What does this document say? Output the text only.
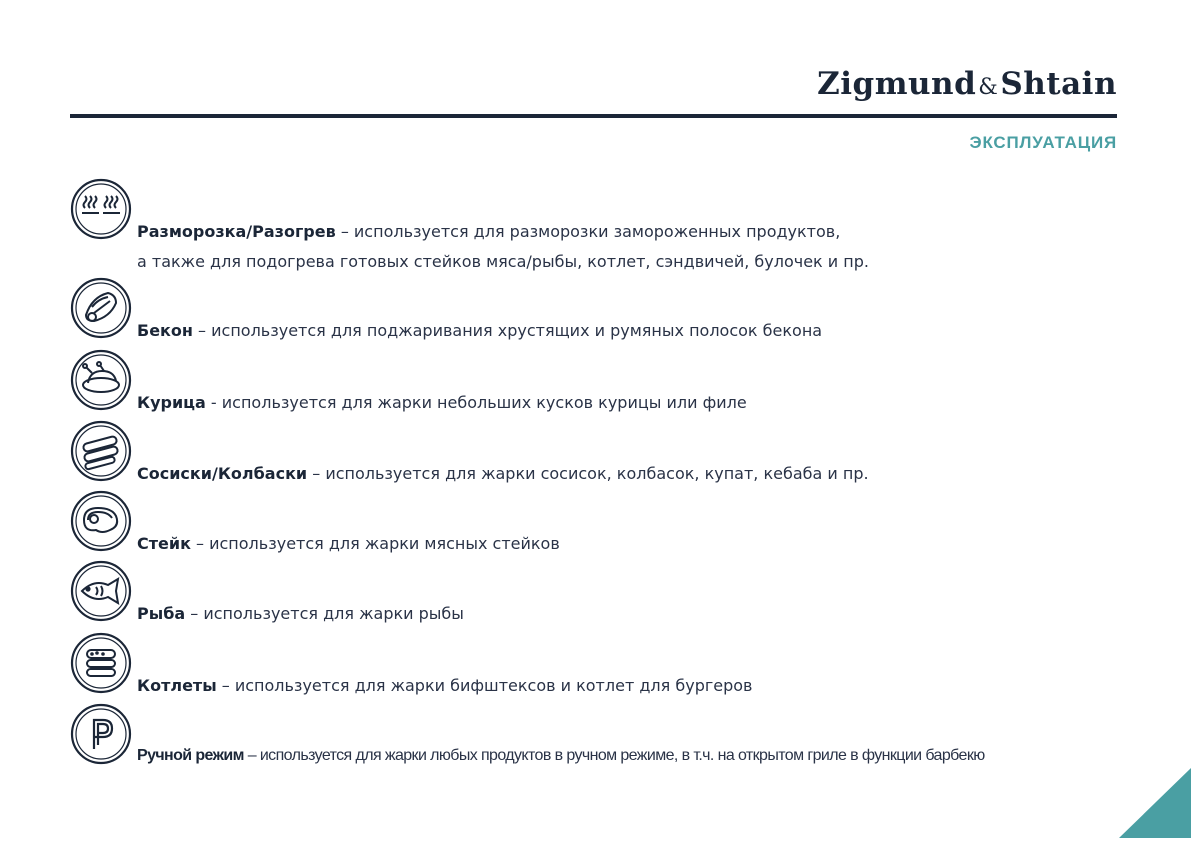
Zigmund&Shtain
ЭКСПЛУАТАЦИЯ
Разморозка/Разогрев – используется для разморозки замороженных продуктов,
а также для подогрева готовых стейков мяса/рыбы, котлет, сэндвичей, булочек и пр.
Бекон – используется для поджаривания хрустящих и румяных полосок бекона
Курица - используется для жарки небольших кусков курицы или филе
Сосиски/Колбаски – используется для жарки сосисок, колбасок, купат, кебаба и пр.
Стейк – используется для жарки мясных стейков
Рыба – используется для жарки рыбы
Котлеты – используется для жарки бифштексов и котлет для бургеров
Ручной режим – используется для жарки любых продуктов в ручном режиме, в т.ч. на открытом гриле в функции барбекю
